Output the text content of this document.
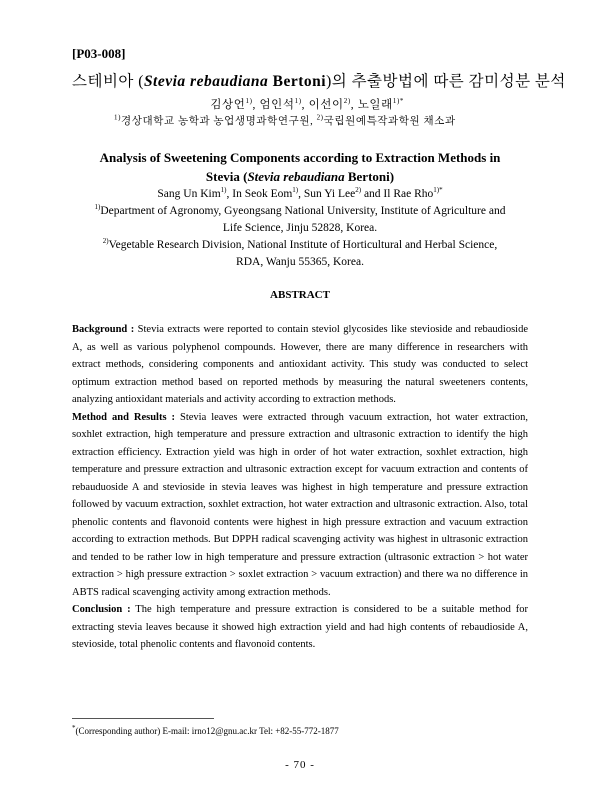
[P03-008]
스테비아 (Stevia rebaudiana Bertoni)의 추출방법에 따른 감미성분 분석
김상언$^{1)}$, 엄인석$^{1)}$, 이선이$^{2)}$, 노일래$^{1)*}$
$^{1)}$경상대학교 농학과 농업생명과학연구원, $^{2)}$국립원예특작과학원 채소과
Analysis of Sweetening Components according to Extraction Methods in
Stevia (Stevia rebaudiana Bertoni)
Sang Un Kim$^{1)}$, In Seok Eom$^{1)}$, Sun Yi Lee$^{2)}$ and Il Rae Rho$^{1)*}$
$^{1)}$Department of Agronomy, Gyeongsang National University, Institute of Agriculture and
Life Science, Jinju 52828, Korea.
$^{2)}$Vegetable Research Division, National Institute of Horticultural and Herbal Science,
RDA, Wanju 55365, Korea.
ABSTRACT

Background : Stevia extracts were reported to contain steviol glycosides like stevioside and rebaudioside A, as well as various polyphenol compounds. However, there are many difference in researchers with extract methods, considering components and antioxidant activity. This study was conducted to select optimum extraction method based on reported methods by measuring the natural sweeteners contents, analyzing antioxidant materials and activity according to extraction methods.

Method and Results : Stevia leaves were extracted through vacuum extraction, hot water extraction, soxhlet extraction, high temperature and pressure extraction and ultrasonic extraction to identify the high extraction efficiency. Extraction yield was high in order of hot water extraction, soxhlet extraction, high temperature and pressure extraction and ultrasonic extraction except for vacuum extraction and contents of rebauduoside A and stevioside in stevia leaves was highest in high temperature and pressure extraction followed by vacuum extraction, soxhlet extraction, hot water extraction and ultrasonic extraction. Also, total phenolic contents and flavonoid contents were highest in high pressure extraction and vacuum extraction according to extraction methods. But DPPH radical scavenging activity was highest in ultrasonic extraction and tended to be rather low in high temperature and pressure extraction (ultrasonic extraction > hot water extraction > high pressure extraction > soxlet extraction > vacuum extraction) and there wa no difference in ABTS radical scavenging activity among extraction methods.

Conclusion : The high temperature and pressure extraction is considered to be a suitable method for extracting stevia leaves because it showed high extraction yield and had high contents of rebaudioside A, stevioside, total phenolic contents and flavonoid contents.

*(Corresponding author) E-mail: irno12@gnu.ac.kr Tel: +82-55-772-1877
- 70 -
